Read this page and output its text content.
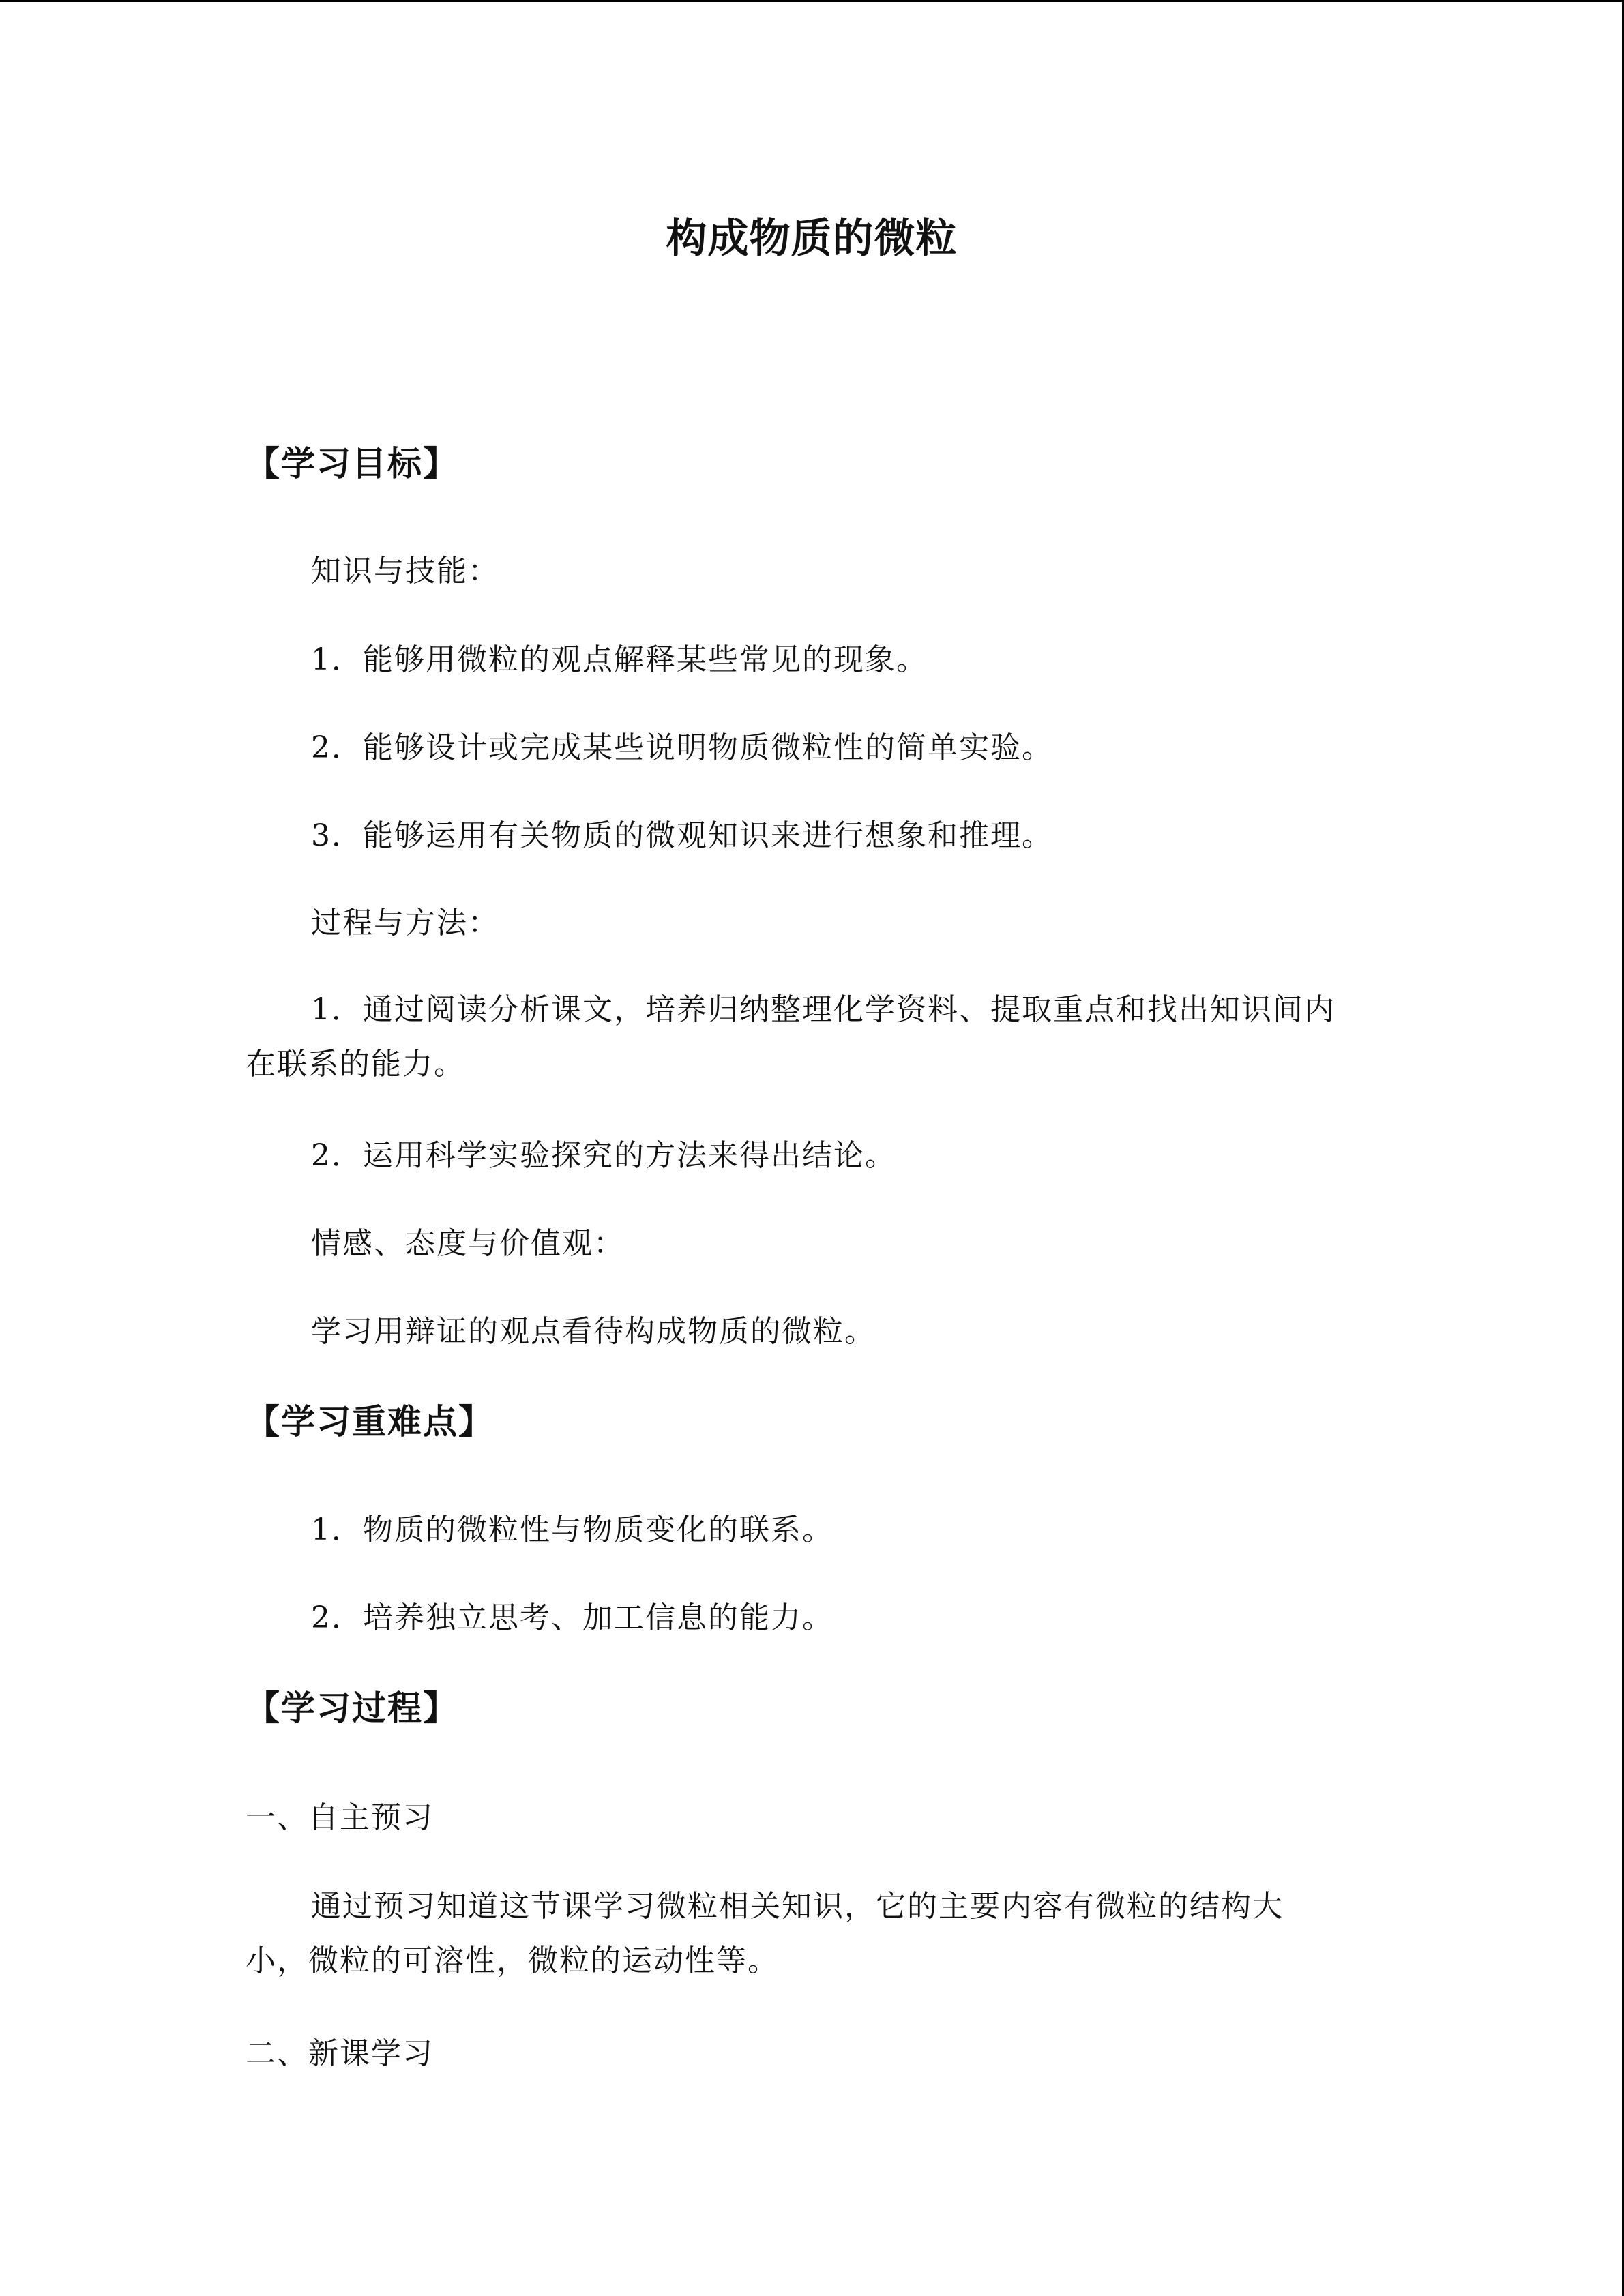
构成物质的微粒
【学习目标】
知识与技能：
1．能够用微粒的观点解释某些常见的现象。
2．能够设计或完成某些说明物质微粒性的简单实验。
3．能够运用有关物质的微观知识来进行想象和推理。
过程与方法：
1．通过阅读分析课文，培养归纳整理化学资料、提取重点和找出知识间内
在联系的能力。
2．运用科学实验探究的方法来得出结论。
情感、态度与价值观：
学习用辩证的观点看待构成物质的微粒。
【学习重难点】
1．物质的微粒性与物质变化的联系。
2．培养独立思考、加工信息的能力。
【学习过程】
一、自主预习
通过预习知道这节课学习微粒相关知识，它的主要内容有微粒的结构大
小，微粒的可溶性，微粒的运动性等。
二、新课学习
